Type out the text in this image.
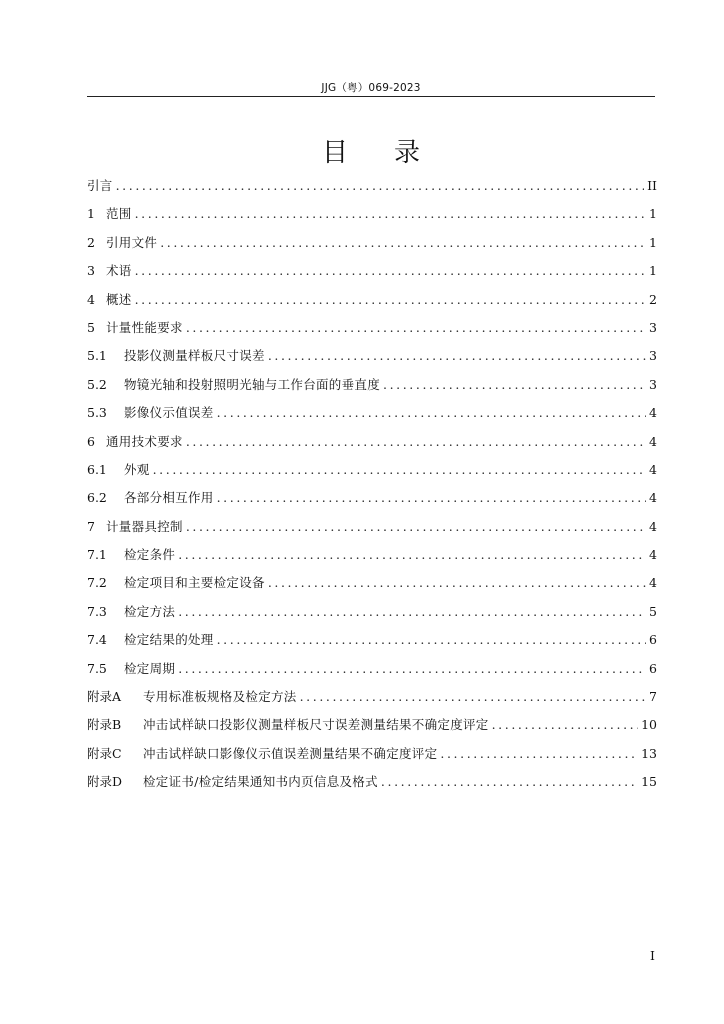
JJG（粤）069-2023
目 录
引言 .....	II
1 范围 .....	1
2 引用文件 .....	1
3 术语 .....	1
4 概述 .....	2
5 计量性能要求 .....	3
5.1	投影仪测量样板尺寸误差 .....	3
5.2	物镜光轴和投射照明光轴与工作台面的垂直度 .....	3
5.3	影像仪示值误差 .....	4
6 通用技术要求 .....	4
6.1	外观 .....	4
6.2	各部分相互作用 .....	4
7 计量器具控制 .....	4
7.1	检定条件 .....	4
7.2	检定项目和主要检定设备 .....	4
7.3	检定方法 .....	5
7.4	检定结果的处理 .....	6
7.5	检定周期 .....	6
附录A	专用标准板规格及检定方法 .....	7
附录B	冲击试样缺口投影仪测量样板尺寸误差测量结果不确定度评定 .....	10
附录C	冲击试样缺口影像仪示值误差测量结果不确定度评定 .....	13
附录D	检定证书/检定结果通知书内页信息及格式 .....	15
I
